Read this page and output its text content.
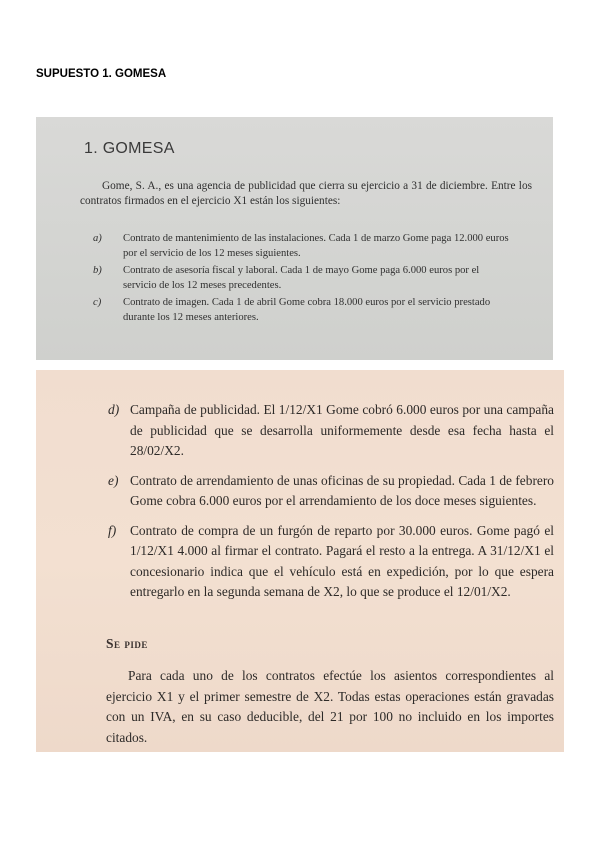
SUPUESTO 1. GOMESA
1. GOMESA
Gome, S. A., es una agencia de publicidad que cierra su ejercicio a 31 de diciembre. Entre los contratos firmados en el ejercicio X1 están los siguientes:
a) Contrato de mantenimiento de las instalaciones. Cada 1 de marzo Gome paga 12.000 euros por el servicio de los 12 meses siguientes.
b) Contrato de asesoría fiscal y laboral. Cada 1 de mayo Gome paga 6.000 euros por el servicio de los 12 meses precedentes.
c) Contrato de imagen. Cada 1 de abril Gome cobra 18.000 euros por el servicio prestado durante los 12 meses anteriores.
d) Campaña de publicidad. El 1/12/X1 Gome cobró 6.000 euros por una campaña de publicidad que se desarrolla uniformemente desde esa fecha hasta el 28/02/X2.
e) Contrato de arrendamiento de unas oficinas de su propiedad. Cada 1 de febrero Gome cobra 6.000 euros por el arrendamiento de los doce meses siguientes.
f) Contrato de compra de un furgón de reparto por 30.000 euros. Gome pagó el 1/12/X1 4.000 al firmar el contrato. Pagará el resto a la entrega. A 31/12/X1 el concesionario indica que el vehículo está en expedición, por lo que espera entregarlo en la segunda semana de X2, lo que se produce el 12/01/X2.
Se pide
Para cada uno de los contratos efectúe los asientos correspondientes al ejercicio X1 y el primer semestre de X2. Todas estas operaciones están gravadas con un IVA, en su caso deducible, del 21 por 100 no incluido en los importes citados.
